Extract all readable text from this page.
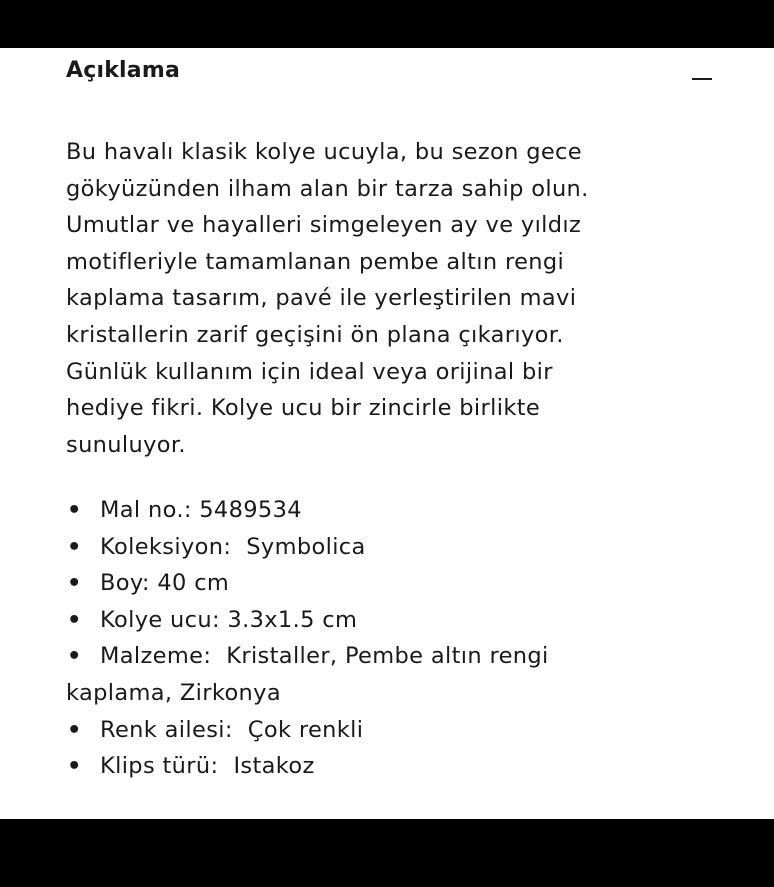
Açıklama

Bu havalı klasik kolye ucuyla, bu sezon gece
gökyüzünden ilham alan bir tarza sahip olun.
Umutlar ve hayalleri simgeleyen ay ve yıldız
motifleriyle tamamlanan pembe altın rengi
kaplama tasarım, pavé ile yerleştirilen mavi
kristallerin zarif geçişini ön plana çıkarıyor.
Günlük kullanım için ideal veya orijinal bir
hediye fikri. Kolye ucu bir zincirle birlikte
sunuluyor.

• Mal no.: 5489534
• Koleksiyon:  Symbolica
• Boy: 40 cm
• Kolye ucu: 3.3x1.5 cm
• Malzeme:  Kristaller, Pembe altın rengi
kaplama, Zirkonya
• Renk ailesi:  Çok renkli
• Klips türü:  Istakoz
